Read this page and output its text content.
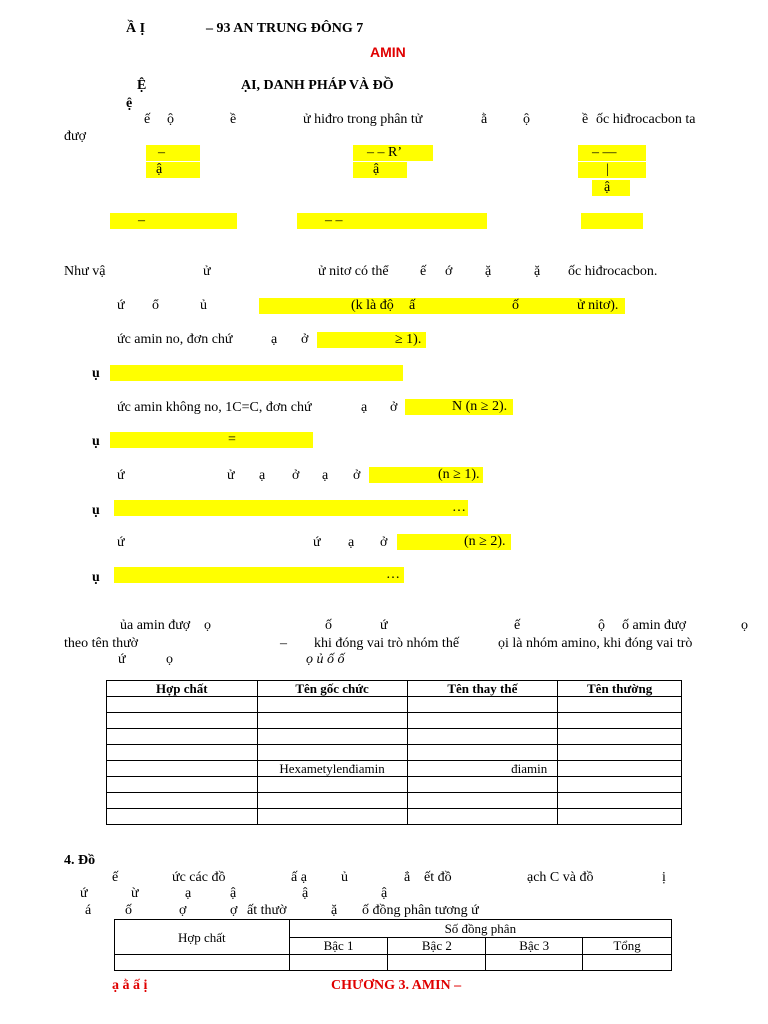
Ầ Ị	– 93 AN TRUNG ĐÔNG 7
AMIN
Ệ	ẠI, DANH PHÁP VÀ ĐỒ
ệ
ế ộ	ề	ử hiđro trong phân tử	ằ	ộ	ề ốc hiđrocacbon ta
đượ
–
ậ
– – R’
ậ
– —
|
ậ
–	– –
Như vậ	ử	ử nitơ có thể ế ớ ặ	ặ ốc hiđrocacbon.
ứ ổ	ủ	(k là độ ấ	ố	ử nitơ).
ức amin no, đơn chứ	ạ ở	≥ 1).
ụ
ức amin không no, 1C=C, đơn chứ	ạ ở	N (n ≥ 2).
ụ	=
ứ	ử ạ ở ạ ở	(n ≥ 1).
ụ	…
ứ	ứ ạ ở	(n ≥ 2).
ụ	…
ủa amin đượ ọ	ố	ứ	ế	ộ ố amin đượ	ọ
theo tên thườ	– khi đóng vai trò nhóm thế	ọi là nhóm amino, khi đóng vai trò
ứ	ọ	ọ ủ ố ố
Hợp chất	Tên gốc chức	Tên thay thế	Tên thường

	Hexametylenđiamin	điamin	

4. Đồ
ế	ức các đồ	ấ ạ ủ	ẳ ết đồ	ạch C và đồ	ị
ứ	ừ	ạ	ậ	ậ	ậ
á ố	ợ	ợ ất thườ	ặ ố đồng phân tương ứ
Hợp chất	Số đồng phân			
	Bậc 1	Bậc 2	Bậc 3	Tổng

ạ ằ ấ ị	CHƯƠNG 3. AMIN –
